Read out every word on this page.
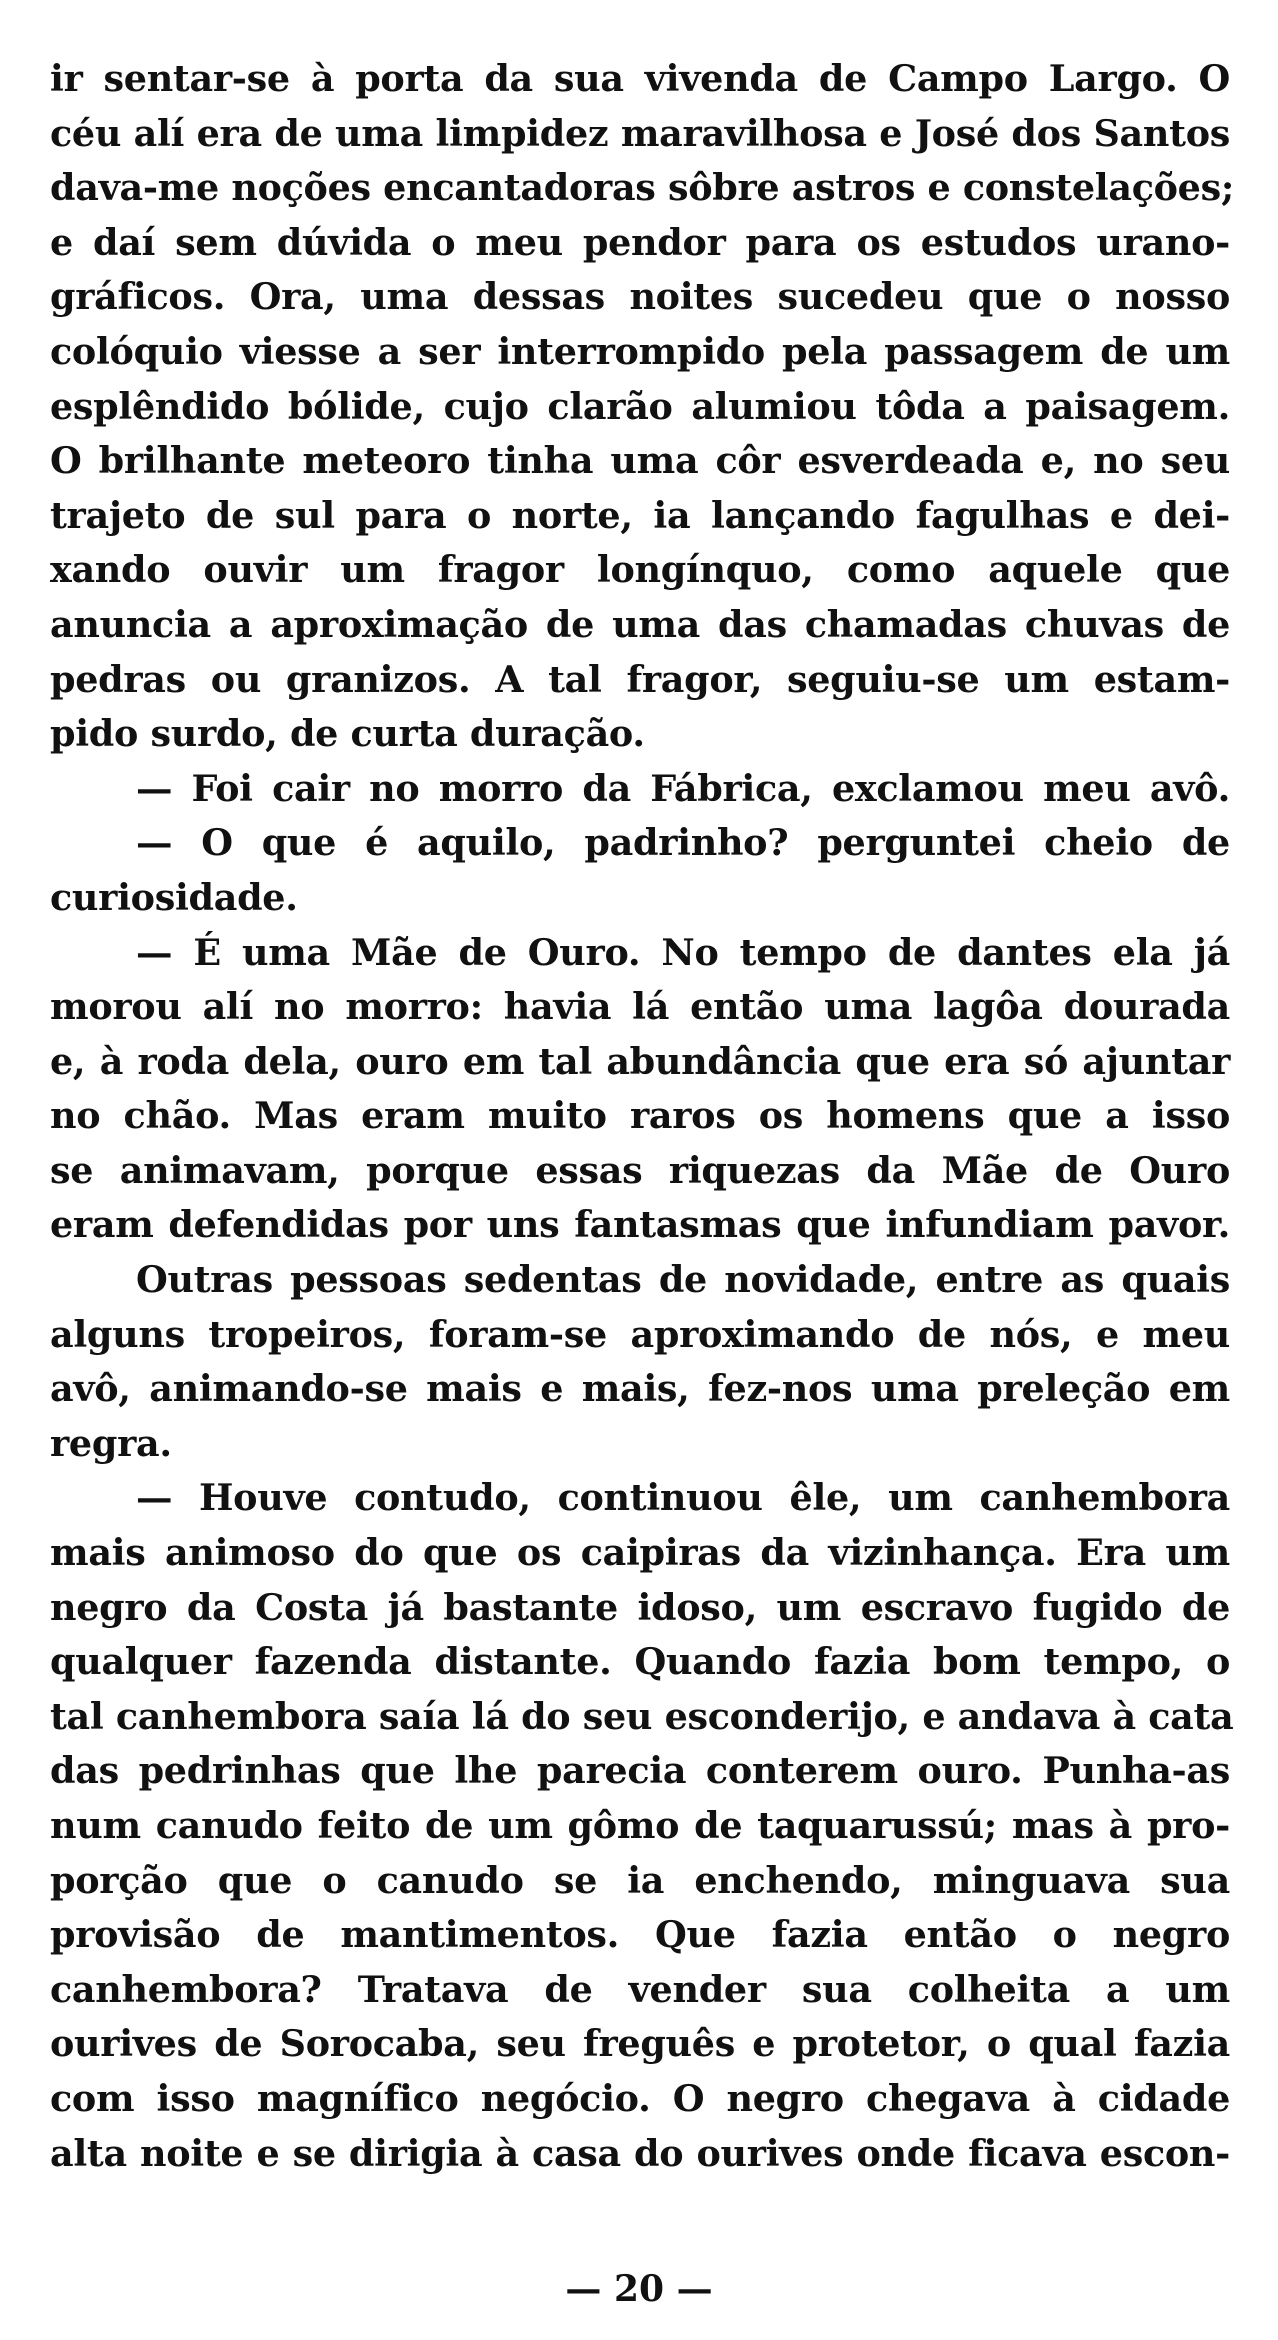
ir sentar-se à porta da sua vivenda de Campo Largo. O
céu alí era de uma limpidez maravilhosa e José dos Santos
dava-me noções encantadoras sôbre astros e constelações;
e daí sem dúvida o meu pendor para os estudos urano-
gráficos. Ora, uma dessas noites sucedeu que o nosso
colóquio viesse a ser interrompido pela passagem de um
esplêndido bólide, cujo clarão alumiou tôda a paisagem.
O brilhante meteoro tinha uma côr esverdeada e, no seu
trajeto de sul para o norte, ia lançando fagulhas e dei-
xando ouvir um fragor longínquo, como aquele que
anuncia a aproximação de uma das chamadas chuvas de
pedras ou granizos. A tal fragor, seguiu-se um estam-
pido surdo, de curta duração.
— Foi cair no morro da Fábrica, exclamou meu avô.
— O que é aquilo, padrinho? perguntei cheio de
curiosidade.
— É uma Mãe de Ouro. No tempo de dantes ela já
morou alí no morro: havia lá então uma lagôa dourada
e, à roda dela, ouro em tal abundância que era só ajuntar
no chão. Mas eram muito raros os homens que a isso
se animavam, porque essas riquezas da Mãe de Ouro
eram defendidas por uns fantasmas que infundiam pavor.
Outras pessoas sedentas de novidade, entre as quais
alguns tropeiros, foram-se aproximando de nós, e meu
avô, animando-se mais e mais, fez-nos uma preleção em
regra.
— Houve contudo, continuou êle, um canhembora
mais animoso do que os caipiras da vizinhança. Era um
negro da Costa já bastante idoso, um escravo fugido de
qualquer fazenda distante. Quando fazia bom tempo, o
tal canhembora saía lá do seu esconderijo, e andava à cata
das pedrinhas que lhe parecia conterem ouro. Punha-as
num canudo feito de um gômo de taquarussú; mas à pro-
porção que o canudo se ia enchendo, minguava sua
provisão de mantimentos. Que fazia então o negro
canhembora? Tratava de vender sua colheita a um
ourives de Sorocaba, seu freguês e protetor, o qual fazia
com isso magnífico negócio. O negro chegava à cidade
alta noite e se dirigia à casa do ourives onde ficava escon-
— 20 —
